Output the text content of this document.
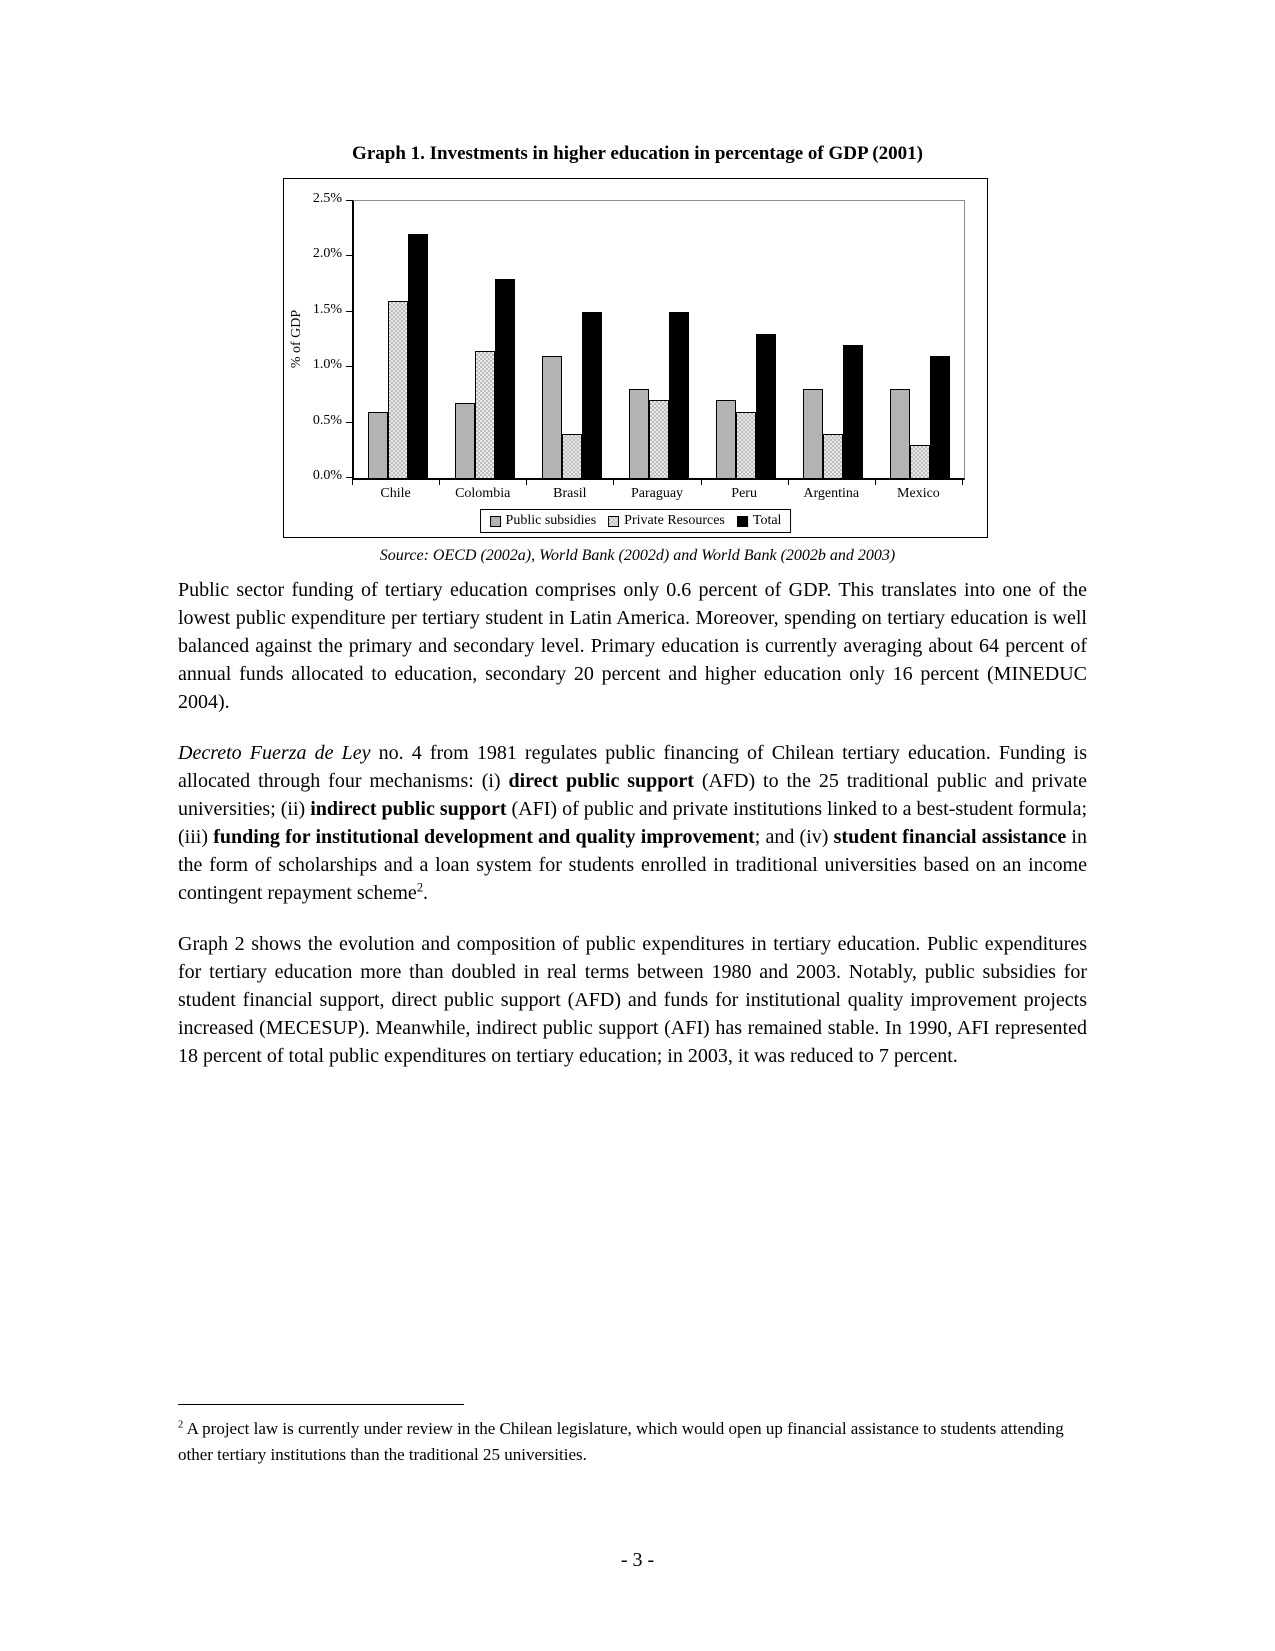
Graph 1. Investments in higher education in percentage of GDP (2001)
% of GDP
0.0%
0.5%
1.0%
1.5%
2.0%
2.5%
Chile	Colombia	Brasil	Paraguay	Peru	Argentina	Mexico
Public subsidies Private Resources Total
Source: OECD (2002a), World Bank (2002d) and World Bank (2002b and 2003)

Public sector funding of tertiary education comprises only 0.6 percent of GDP. This translates into one of the lowest public expenditure per tertiary student in Latin America. Moreover, spending on tertiary education is well balanced against the primary and secondary level. Primary education is currently averaging about 64 percent of annual funds allocated to education, secondary 20 percent and higher education only 16 percent (MINEDUC 2004).

Decreto Fuerza de Ley no. 4 from 1981 regulates public financing of Chilean tertiary education. Funding is allocated through four mechanisms: (i) direct public support (AFD) to the 25 traditional public and private universities; (ii) indirect public support (AFI) of public and private institutions linked to a best-student formula; (iii) funding for institutional development and quality improvement; and (iv) student financial assistance in the form of scholarships and a loan system for students enrolled in traditional universities based on an income contingent repayment scheme$^2$.

Graph 2 shows the evolution and composition of public expenditures in tertiary education. Public expenditures for tertiary education more than doubled in real terms between 1980 and 2003. Notably, public subsidies for student financial support, direct public support (AFD) and funds for institutional quality improvement projects increased (MECESUP). Meanwhile, indirect public support (AFI) has remained stable. In 1990, AFI represented 18 percent of total public expenditures on tertiary education; in 2003, it was reduced to 7 percent.

$^2$ A project law is currently under review in the Chilean legislature, which would open up financial assistance to students attending other tertiary institutions than the traditional 25 universities.
- 3 -
